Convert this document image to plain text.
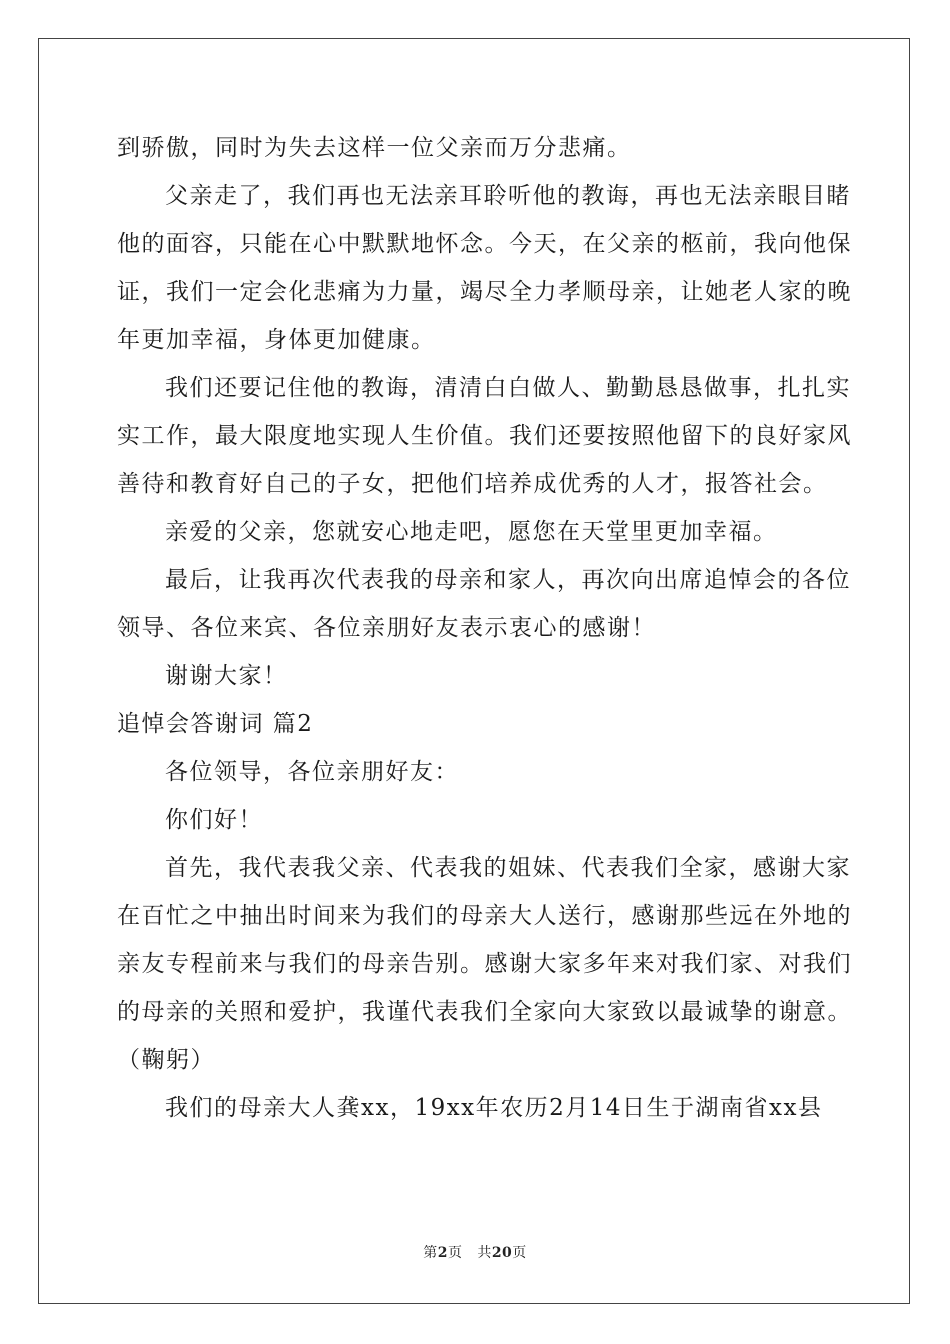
到骄傲，同时为失去这样一位父亲而万分悲痛。
父亲走了，我们再也无法亲耳聆听他的教诲，再也无法亲眼目睹
他的面容，只能在心中默默地怀念。今天，在父亲的柩前，我向他保
证，我们一定会化悲痛为力量，竭尽全力孝顺母亲，让她老人家的晚
年更加幸福，身体更加健康。
我们还要记住他的教诲，清清白白做人、勤勤恳恳做事，扎扎实
实工作，最大限度地实现人生价值。我们还要按照他留下的良好家风
善待和教育好自己的子女，把他们培养成优秀的人才，报答社会。
亲爱的父亲，您就安心地走吧，愿您在天堂里更加幸福。
最后，让我再次代表我的母亲和家人，再次向出席追悼会的各位
领导、各位来宾、各位亲朋好友表示衷心的感谢！
谢谢大家！
追悼会答谢词 篇2
各位领导，各位亲朋好友：
你们好！
首先，我代表我父亲、代表我的姐妹、代表我们全家，感谢大家
在百忙之中抽出时间来为我们的母亲大人送行，感谢那些远在外地的
亲友专程前来与我们的母亲告别。感谢大家多年来对我们家、对我们
的母亲的关照和爱护，我谨代表我们全家向大家致以最诚挚的谢意。
（鞠躬）
我们的母亲大人龚xx，19xx年农历2月14日生于湖南省xx县
第2页 共20页
